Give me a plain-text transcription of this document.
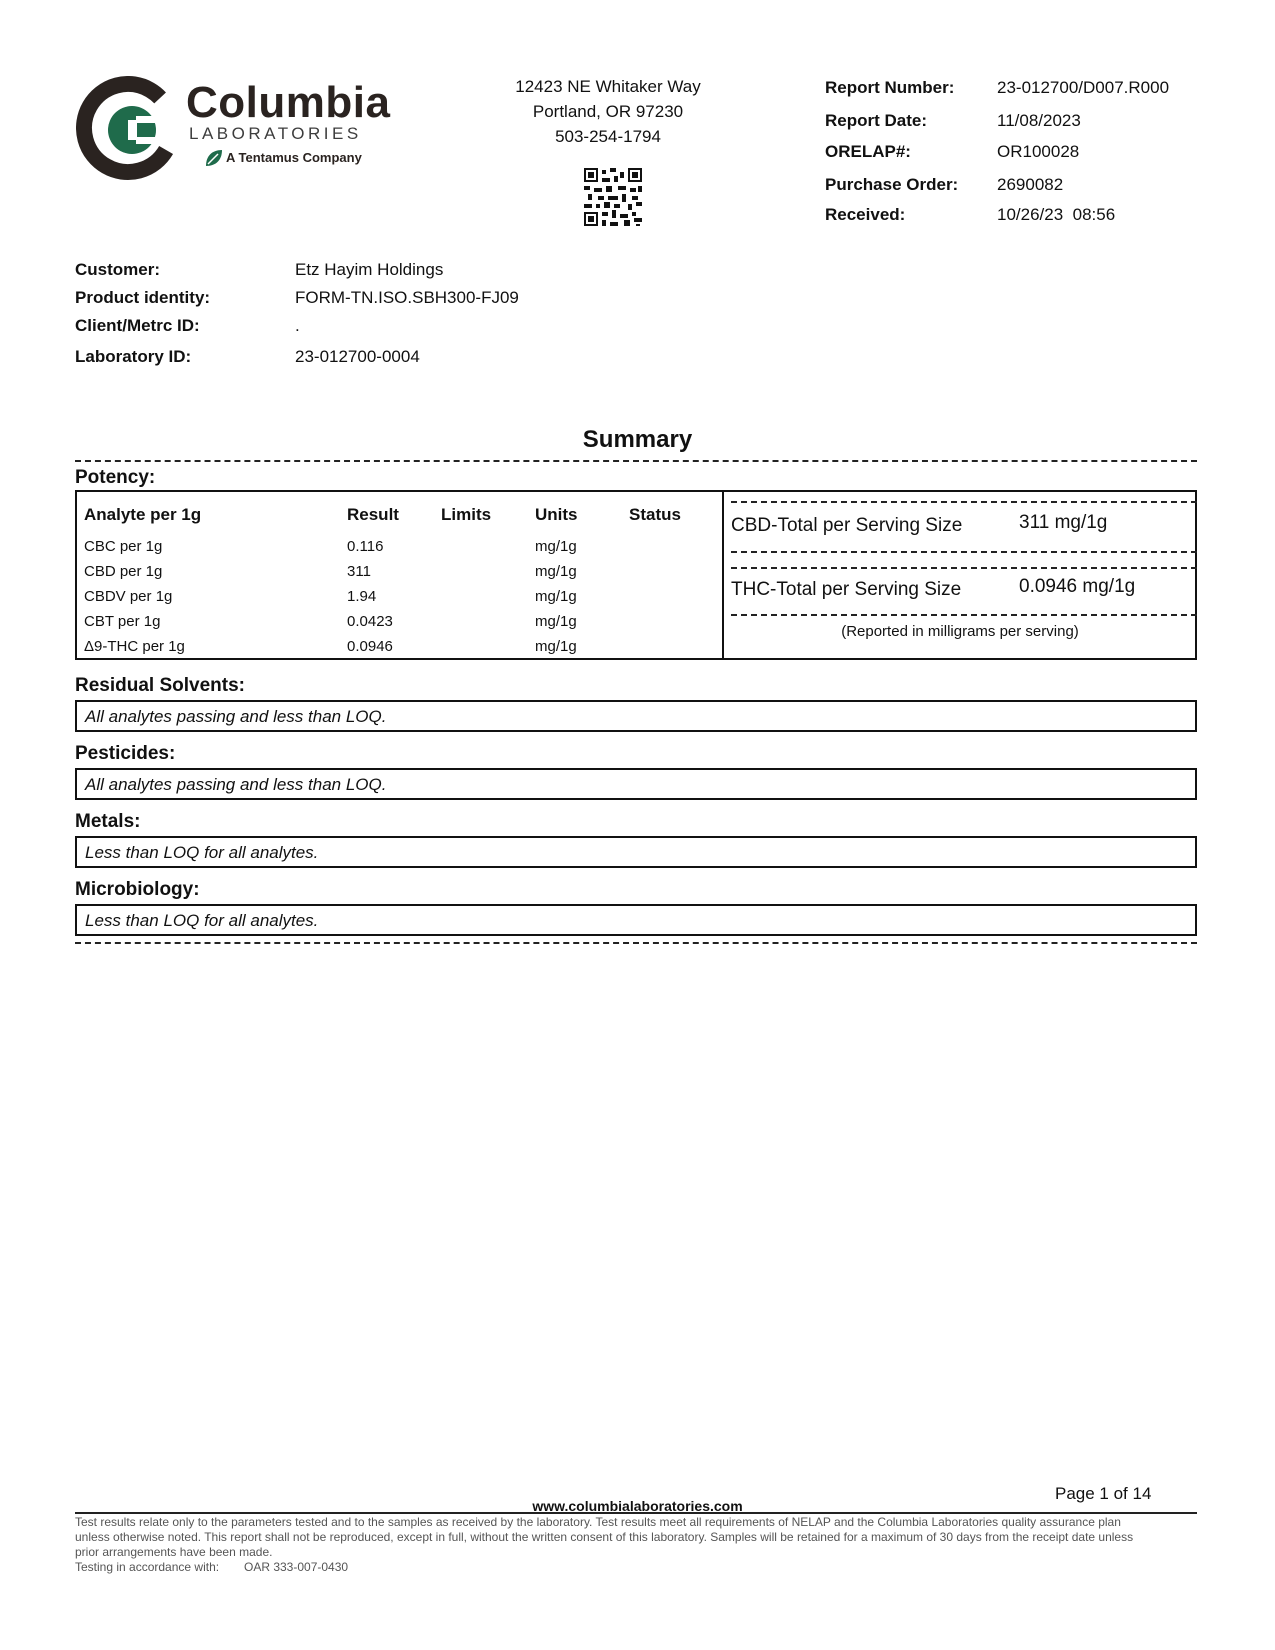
Columbia
LABORATORIES
A Tentamus Company
12423 NE Whitaker Way
Portland, OR 97230
503-254-1794
Report Number:	23-012700/D007.R000
Report Date:	11/08/2023
ORELAP#:	OR100028
Purchase Order: 2690082
Received:	10/26/23  08:56
Customer:	Etz Hayim Holdings
Product identity:	FORM-TN.ISO.SBH300-FJ09
Client/Metrc ID:	.
Laboratory ID:	23-012700-0004
Summary
Potency:
Analyte per 1g	Result Limits	Units	Status
CBC per 1g	0.116	mg/1g
CBD per 1g	311	mg/1g
CBDV per 1g	1.94	mg/1g
CBT per 1g	0.0423	mg/1g
Δ9-THC per 1g	0.0946	mg/1g
CBD-Total per Serving Size	311 mg/1g
THC-Total per Serving Size	0.0946 mg/1g
(Reported in milligrams per serving)
Residual Solvents:
All analytes passing and less than LOQ.
Pesticides:
All analytes passing and less than LOQ.
Metals:
Less than LOQ for all analytes.
Microbiology:
Less than LOQ for all analytes.
Page 1 of 14
www.columbialaboratories.com
Test results relate only to the parameters tested and to the samples as received by the laboratory. Test results meet all requirements of NELAP and the Columbia Laboratories quality assurance plan
unless otherwise noted. This report shall not be reproduced, except in full, without the written consent of this laboratory. Samples will be retained for a maximum of 30 days from the receipt date unless
prior arrangements have been made.
Testing in accordance with:	OAR 333-007-0430
